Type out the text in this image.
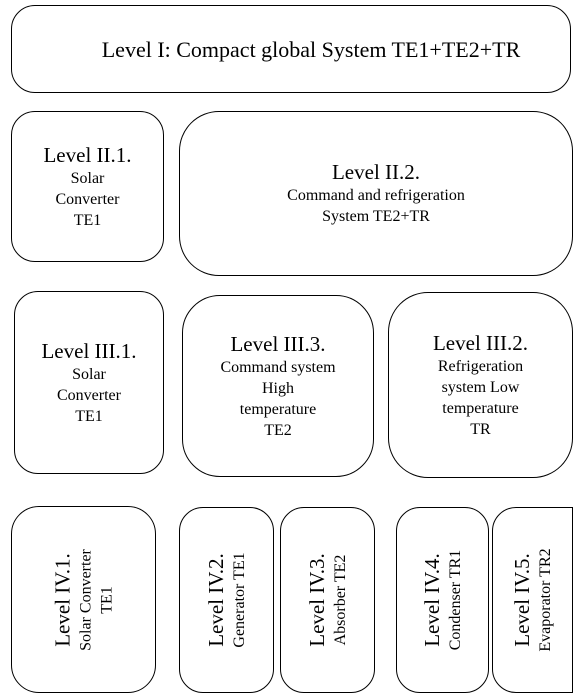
Level I: Compact global System TE1+TE2+TR
Level II.1.
Solar
Converter
TE1
Level II.2.
Command and refrigeration
System TE2+TR
Level III.1.
Solar
Converter
TE1
Level III.3.
Command system
High
temperature
TE2
Level III.2.
Refrigeration
system Low
temperature
TR
Level IV.1. Solar Converter TE1	Level IV.2. Generator TE1	Level IV.3. Absorber TE2	Level IV.4. Condenser TR1 Level IV.5. Evaporator TR2
